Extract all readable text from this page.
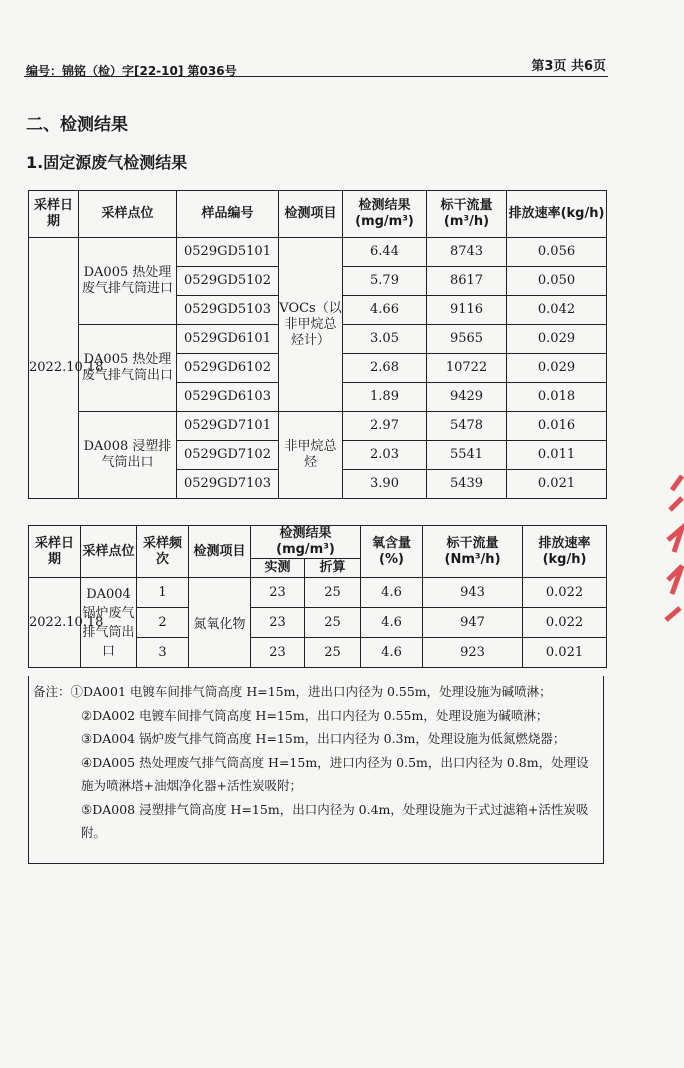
编号：锦铭（检）字[22-10] 第036号	第3页 共6页
二、检测结果
1.固定源废气检测结果
采样日期	采样点位	样品编号	检测项目	检测结果(mg/m³)	标干流量(m³/h)	排放速率(kg/h)
2022.10.18	DA005 热处理废气排气筒进口	0529GD5101	VOCs（以非甲烷总烃计）	6.44	8743	0.056
		0529GD5102		5.79	8617	0.050
		0529GD5103		4.66	9116	0.042
	DA005 热处理废气排气筒出口	0529GD6101		3.05	9565	0.029
		0529GD6102		2.68	10722	0.029
		0529GD6103		1.89	9429	0.018
	DA008 浸塑排气筒出口	0529GD7101	非甲烷总烃	2.97	5478	0.016
		0529GD7102		2.03	5541	0.011
		0529GD7103		3.90	5439	0.021
采样日期	采样点位	采样频次	检测项目	检测结果(mg/m³)		氧含量(%)	标干流量(Nm³/h)	排放速率(kg/h)
				实测	折算			
2022.10.18	DA004锅炉废气排气筒出口	1	氮氧化物	23	25	4.6	943	0.022
		2		23	25	4.6	947	0.022
		3		23	25	4.6	923	0.021

备注：①DA001 电镀车间排气筒高度 H=15m，进出口内径为 0.55m，处理设施为碱喷淋；

②DA002 电镀车间排气筒高度 H=15m，出口内径为 0.55m，处理设施为碱喷淋；

③DA004 锅炉废气排气筒高度 H=15m，出口内径为 0.3m，处理设施为低氮燃烧器；

④DA005 热处理废气排气筒高度 H=15m，进口内径为 0.5m，出口内径为 0.8m，处理设施为喷淋塔+油烟净化器+活性炭吸附；

⑤DA008 浸塑排气筒高度 H=15m，出口内径为 0.4m，处理设施为干式过滤箱+活性炭吸附。
